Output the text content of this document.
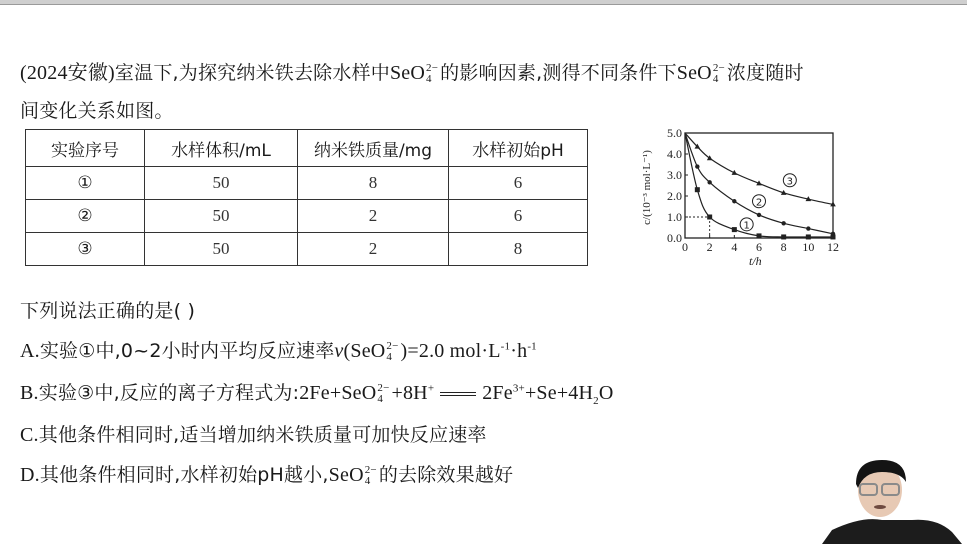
(2024安徽)室温下,为探究纳米铁去除水样中SeO 2−
4 的影响因素,测得不同条件下SeO 2−
4 浓度随时
间变化关系如图。
实验序号	水样体积/mL	纳米铁质量/mg	水样初始pH
①	50	8	6
②	50	2	6
③	50	2	8	0 2 4 6 8 10 12
0.0
1.0
2.0
3.0
4.0
5.0
t/h
c/(10⁻³ mol·L⁻¹)
1
2
3
下列说法正确的是( )
A.实验①中,0~2小时内平均反应速率v(SeO 2−
4 )=2.0 $mol\cdot L^{-1}\cdot h^{-1}$
B.实验③中,反应的离子方程式为:2Fe+SeO 2−
4 +8H+ $2Fe^{3+}+Se+4H_2O$
C.其他条件相同时,适当增加纳米铁质量可加快反应速率
D.其他条件相同时,水样初始pH越小,SeO 2−
4 的去除效果越好
